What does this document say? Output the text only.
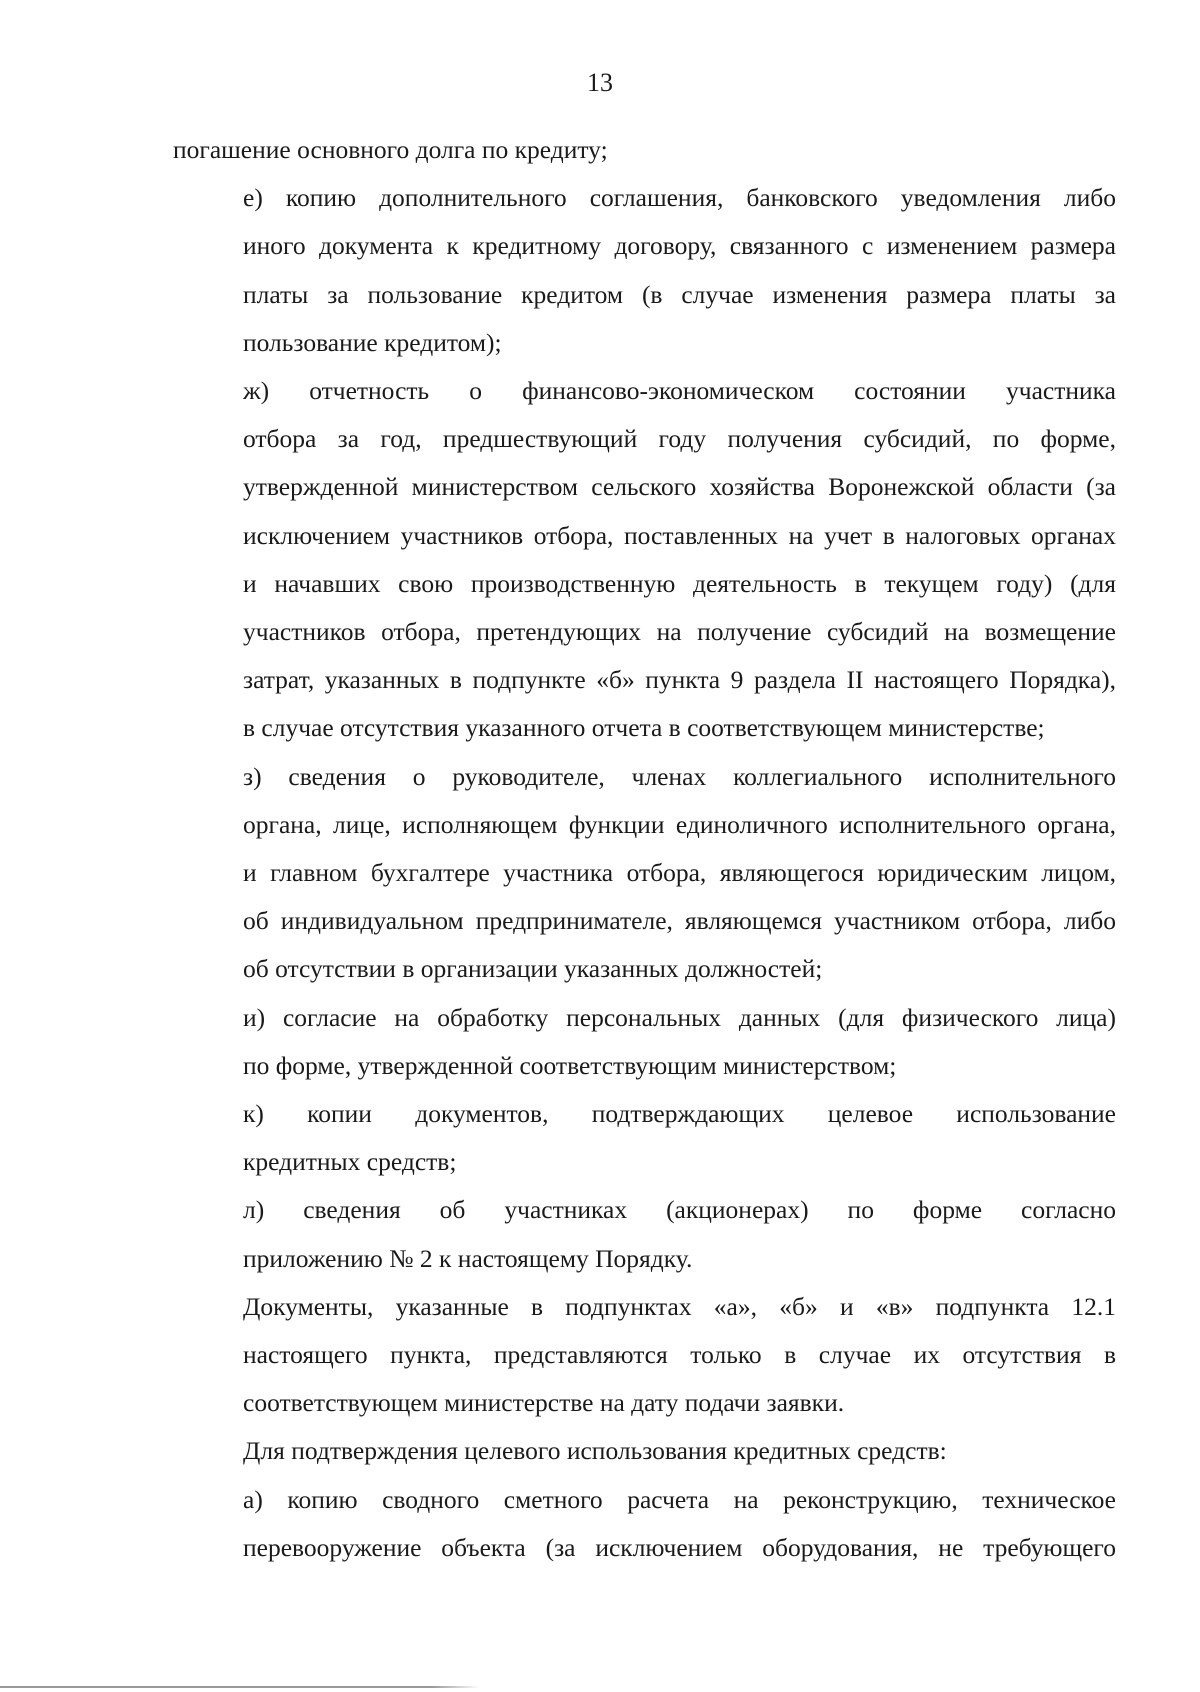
13

погашение основного долга по кредиту;

е) копию дополнительного соглашения, банковского уведомления либо
иного документа к кредитному договору, связанного с изменением размера
платы за пользование кредитом (в случае изменения размера платы за
пользование кредитом);

ж) отчетность о финансово-экономическом состоянии участника
отбора за год, предшествующий году получения субсидий, по форме,
утвержденной министерством сельского хозяйства Воронежской области (за
исключением участников отбора, поставленных на учет в налоговых органах
и начавших свою производственную деятельность в текущем году) (для
участников отбора, претендующих на получение субсидий на возмещение
затрат, указанных в подпункте «б» пункта 9 раздела II настоящего Порядка),
в случае отсутствия указанного отчета в соответствующем министерстве;

з) сведения о руководителе, членах коллегиального исполнительного
органа, лице, исполняющем функции единоличного исполнительного органа,
и главном бухгалтере участника отбора, являющегося юридическим лицом,
об индивидуальном предпринимателе, являющемся участником отбора, либо
об отсутствии в организации указанных должностей;

и) согласие на обработку персональных данных (для физического лица)
по форме, утвержденной соответствующим министерством;

к) копии документов, подтверждающих целевое использование
кредитных средств;

л) сведения об участниках (акционерах) по форме согласно
приложению № 2 к настоящему Порядку.

Документы, указанные в подпунктах «а», «б» и «в» подпункта 12.1
настоящего пункта, представляются только в случае их отсутствия в
соответствующем министерстве на дату подачи заявки.

Для подтверждения целевого использования кредитных средств:

а) копию сводного сметного расчета на реконструкцию, техническое
перевооружение объекта (за исключением оборудования, не требующего
